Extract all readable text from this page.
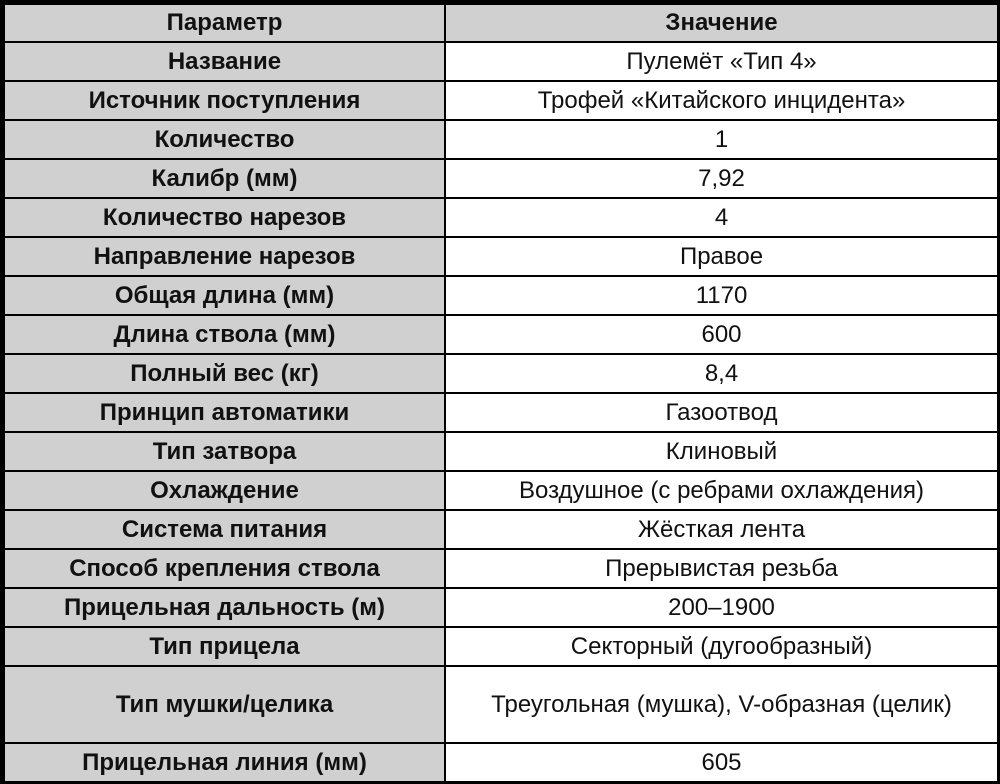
Параметр	Значение
Название	Пулемёт «Тип 4»
Источник поступления	Трофей «Китайского инцидента»
Количество	1
Калибр (мм)	7,92
Количество нарезов	4
Направление нарезов	Правое
Общая длина (мм)	1170
Длина ствола (мм)	600
Полный вес (кг)	8,4
Принцип автоматики	Газоотвод
Тип затвора	Клиновый
Охлаждение	Воздушное (с ребрами охлаждения)
Система питания	Жёсткая лента
Способ крепления ствола	Прерывистая резьба
Прицельная дальность (м)	200–1900
Тип прицела	Секторный (дугообразный)
Тип мушки/целика	Треугольная (мушка), V-образная (целик)
Прицельная линия (мм)	605
